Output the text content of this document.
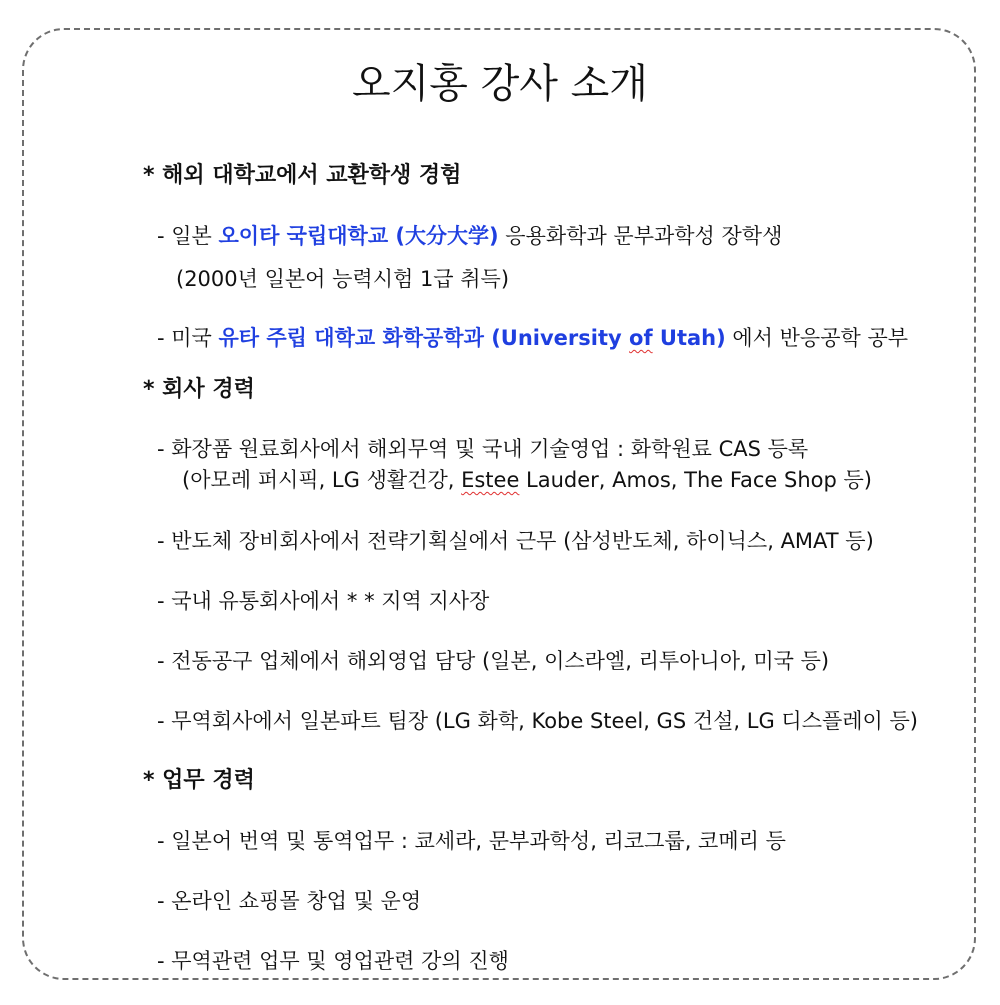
오지홍 강사 소개
* 해외 대학교에서 교환학생 경험
- 일본 오이타 국립대학교 (大分大学) 응용화학과 문부과학성 장학생
(2000년 일본어 능력시험 1급 취득)
- 미국 유타 주립 대학교 화학공학과 (University of Utah) 에서 반응공학 공부
* 회사 경력
- 화장품 원료회사에서 해외무역 및 국내 기술영업 : 화학원료 CAS 등록
(아모레 퍼시픽, LG 생활건강, Estee Lauder, Amos, The Face Shop 등)
- 반도체 장비회사에서 전략기획실에서 근무 (삼성반도체, 하이닉스, AMAT 등)
- 국내 유통회사에서 * * 지역 지사장
- 전동공구 업체에서 해외영업 담당 (일본, 이스라엘, 리투아니아, 미국 등)
- 무역회사에서 일본파트 팀장 (LG 화학, Kobe Steel, GS 건설, LG 디스플레이 등)
* 업무 경력
- 일본어 번역 및 통역업무 : 쿄세라, 문부과학성, 리코그룹, 코메리 등
- 온라인 쇼핑몰 창업 및 운영
- 무역관련 업무 및 영업관련 강의 진행
